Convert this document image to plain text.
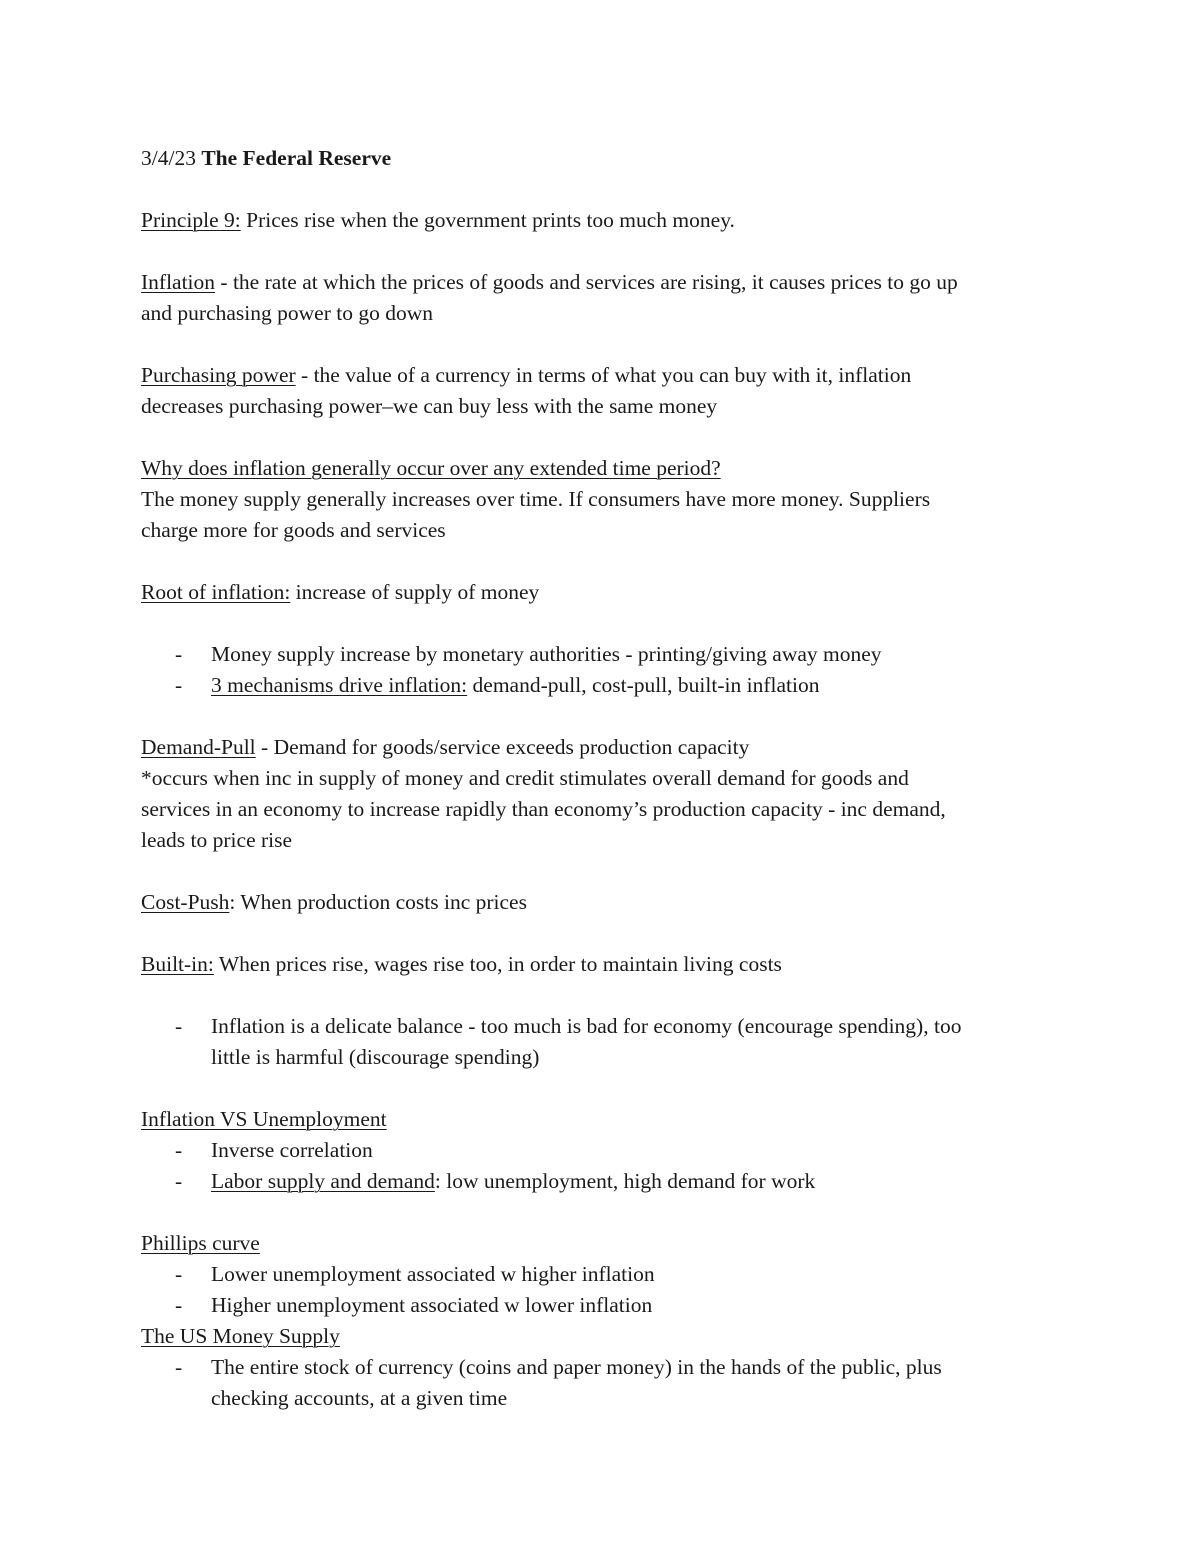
3/4/23 The Federal Reserve
Principle 9: Prices rise when the government prints too much money.
Inflation - the rate at which the prices of goods and services are rising, it causes prices to go up
and purchasing power to go down
Purchasing power - the value of a currency in terms of what you can buy with it, inflation
decreases purchasing power–we can buy less with the same money
Why does inflation generally occur over any extended time period?
The money supply generally increases over time. If consumers have more money. Suppliers
charge more for goods and services
Root of inflation: increase of supply of money
- Money supply increase by monetary authorities - printing/giving away money
- 3 mechanisms drive inflation: demand-pull, cost-pull, built-in inflation
Demand-Pull - Demand for goods/service exceeds production capacity
*occurs when inc in supply of money and credit stimulates overall demand for goods and
services in an economy to increase rapidly than economy’s production capacity - inc demand,
leads to price rise
Cost-Push: When production costs inc prices
Built-in: When prices rise, wages rise too, in order to maintain living costs
- Inflation is a delicate balance - too much is bad for economy (encourage spending), too
little is harmful (discourage spending)
Inflation VS Unemployment
- Inverse correlation
- Labor supply and demand: low unemployment, high demand for work
Phillips curve
- Lower unemployment associated w higher inflation
- Higher unemployment associated w lower inflation
The US Money Supply
- The entire stock of currency (coins and paper money) in the hands of the public, plus
checking accounts, at a given time
